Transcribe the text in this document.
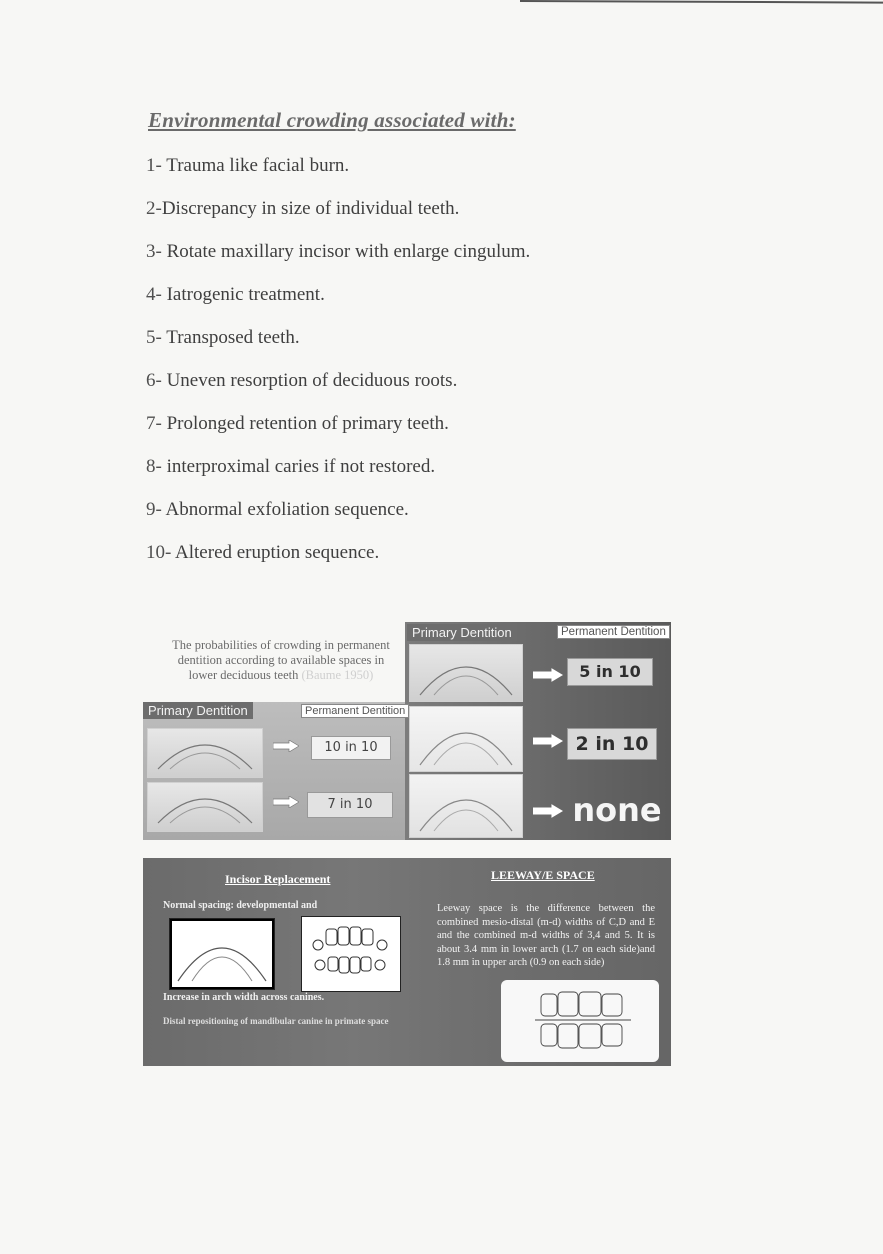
Environmental crowding associated with:
1- Trauma like facial burn.
2-Discrepancy in size of individual teeth.
3- Rotate maxillary incisor with enlarge cingulum.
4- Iatrogenic treatment.
5- Transposed teeth.
6- Uneven resorption of deciduous roots.
7- Prolonged retention of primary teeth.
8- interproximal caries if not restored.
9- Abnormal exfoliation sequence.
10- Altered eruption sequence.
The probabilities of crowding in permanent
dentition according to available spaces in
lower deciduous teeth (Baume 1950)
Primary Dentition	Permanent Dentition
Primary Dentition	Permanent Dentition
10 in 10
7 in 10
5 in 10
2 in 10
none
Incisor Replacement
Normal spacing: developmental and
Increase in arch width across canines.
Distal repositioning of mandibular canine in primate space
LEEWAY/E SPACE
Leeway space is the difference between the combined mesio-distal (m-d) widths of C,D and E and the combined m-d widths of 3,4 and 5. It is about 3.4 mm in lower arch (1.7 on each side)and 1.8 mm in upper arch (0.9 on each side)
